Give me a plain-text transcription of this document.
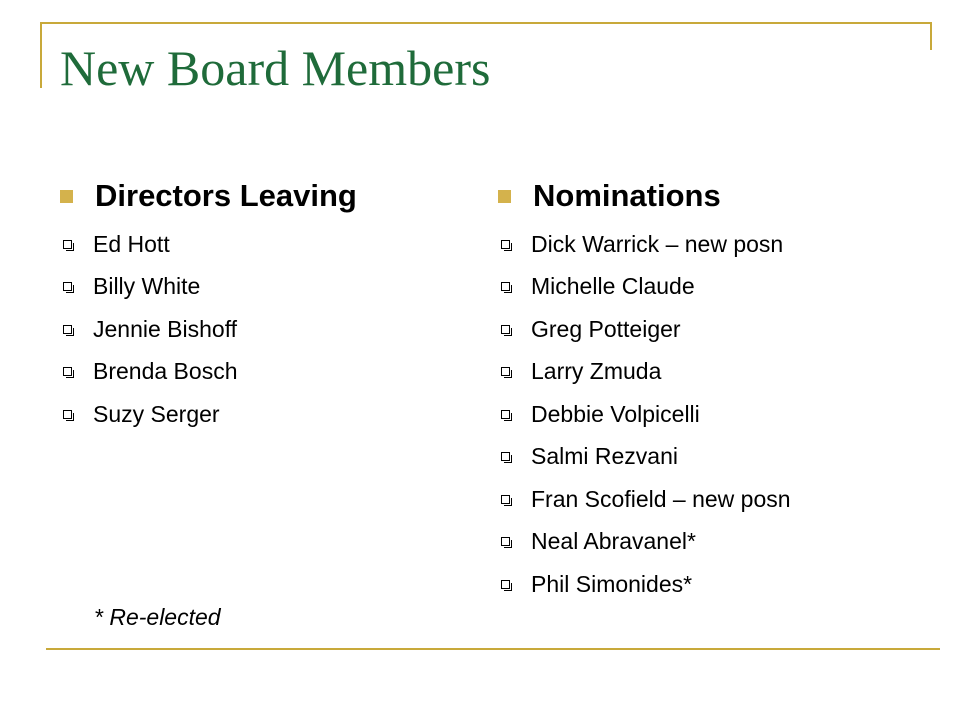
New Board Members
Directors Leaving
Ed Hott
Billy White
Jennie Bishoff
Brenda Bosch
Suzy Serger
Nominations
Dick Warrick – new posn
Michelle Claude
Greg Potteiger
Larry Zmuda
Debbie Volpicelli
Salmi Rezvani
Fran Scofield – new posn
Neal Abravanel*
Phil Simonides*
* Re-elected
